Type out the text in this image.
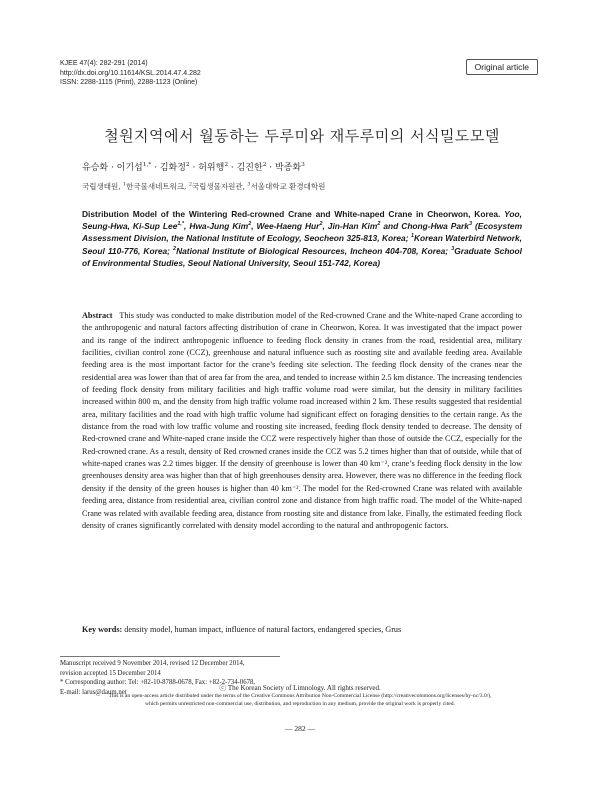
KJEE 47(4): 282-291 (2014)
http://dx.doi.org/10.11614/KSL.2014.47.4.282
ISSN: 2288-1115 (Print), 2288-1123 (Online)
Original article
철원지역에서 월동하는 두루미와 재두루미의 서식밀도모델
유승화 · 이기섭$^{1,*}$ · 김화정$^2$ · 허위행$^2$ · 김진한$^2$ · 박종화$^3$
국립생태원, $^1$한국물새네트워크, $^2$국립생물자원관, $^3$서울대학교 환경대학원
Distribution Model of the Wintering Red-crowned Crane and White-naped Crane in Cheorwon, Korea. Yoo, Seung-Hwa, Ki-Sup Lee$^{1,*}$, Hwa-Jung Kim$^2$, Wee-Haeng Hur$^2$, Jin-Han Kim$^2$ and Chong-Hwa Park$^3$ (Ecosystem Assessment Division, the National Institute of Ecology, Seocheon 325-813, Korea; $^1$Korean Waterbird Network, Seoul 110-776, Korea; $^2$National Institute of Biological Resources, Incheon 404-708, Korea; $^3$Graduate School of Environmental Studies, Seoul National University, Seoul 151-742, Korea)
Abstract This study was conducted to make distribution model of the Red-crowned Crane and the White-naped Crane according to the anthropogenic and natural factors affecting distribution of crane in Cheorwon, Korea. It was investigated that the impact power and its range of the indirect anthropogenic influence to feeding flock density in cranes from the road, residential area, military facilities, civilian control zone (CCZ), greenhouse and natural influence such as roosting site and available feeding area. Available feeding area is the most important factor for the crane’s feeding site selection. The feeding flock density of the cranes near the residential area was lower than that of area far from the area, and tended to increase within 2.5 km distance. The increasing tendencies of feeding flock density from military facilities and high traffic volume road were similar, but the density in military facilities increased within 800 m, and the density from high traffic volume road increased within 2 km. These results suggested that residential area, military facilities and the road with high traffic volume had significant effect on foraging densities to the certain range. As the distance from the road with low traffic volume and roosting site increased, feeding flock density tended to decrease. The density of Red-crowned crane and White-naped crane inside the CCZ were respectively higher than those of outside the CCZ, especially for the Red-crowned crane. As a result, density of Red crowned cranes inside the CCZ was 5.2 times higher than that of outside, while that of white-naped cranes was 2.2 times bigger. If the density of greenhouse is lower than 40 km⁻², crane’s feeding flock density in the low greenhouses density area was higher than that of high greenhouses density area. However, there was no difference in the feeding flock density if the density of the green houses is higher than 40 km⁻². The model for the Red-crowned Crane was related with available feeding area, distance from residential area, civilian control zone and distance from high traffic road. The model of the White-naped Crane was related with available feeding area, distance from roosting site and distance from lake. Finally, the estimated feeding flock density of cranes significantly correlated with density model according to the natural and anthropogenic factors.
Key words: density model, human impact, influence of natural factors, endangered species, Grus
Manuscript received 9 November 2014, revised 12 December 2014,
revision accepted 15 December 2014
* Corresponding author: Tel: +82-10-8788-0678, Fax: +82-2-734-0678,
E-mail: larus@daum.net	ⓒ The Korean Society of Limnology. All rights reserved.
This is an open-access article distributed under the terms of the Creative Commons Attribution Non-Commercial License (http://creativecommons.org/licenses/by-nc/3.0/),
which permits unrestricted non-commercial use, distribution, and reproduction in any medium, provide the original work is properly cited.
— 282 —
